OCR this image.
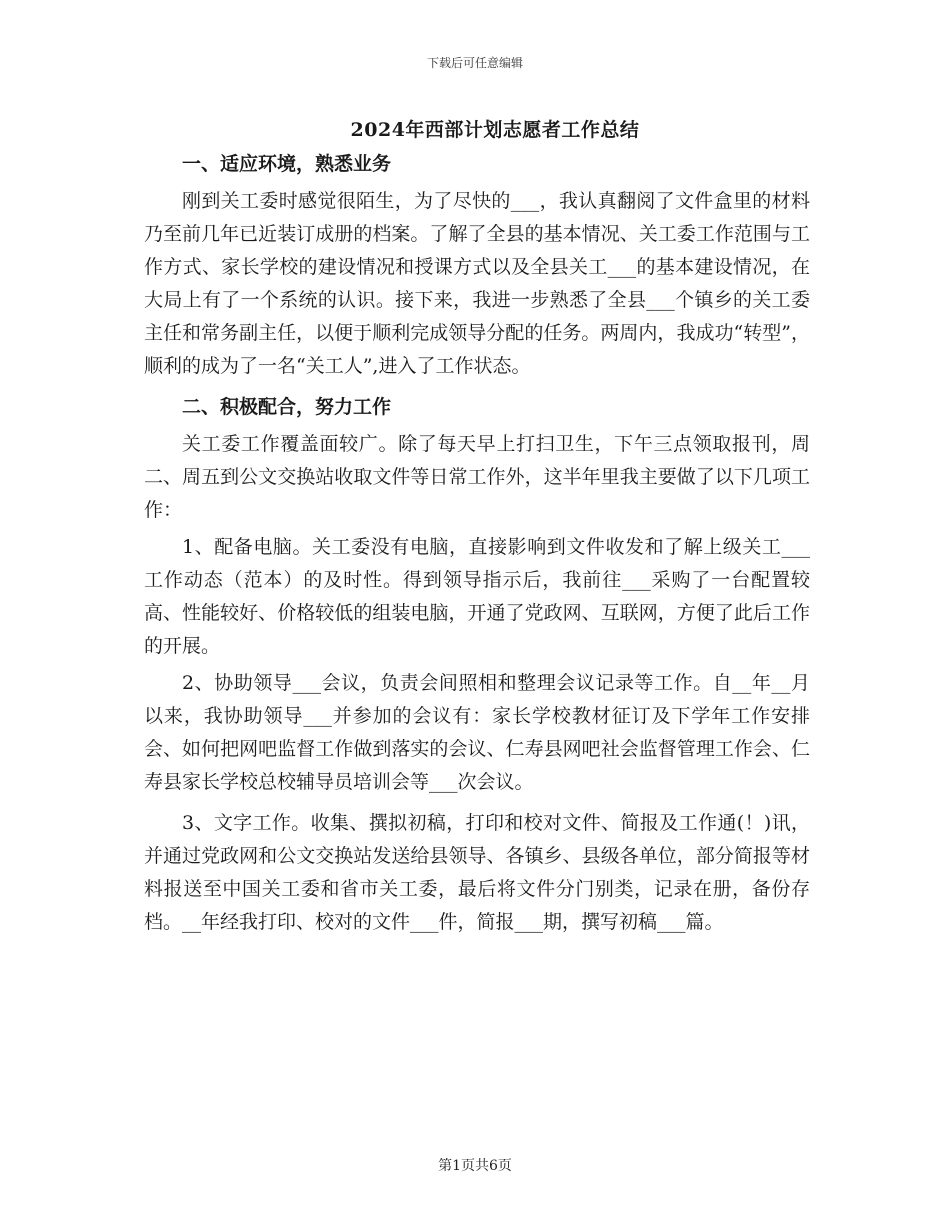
下载后可任意编辑
2024年西部计划志愿者工作总结

一、适应环境，熟悉业务

刚到关工委时感觉很陌生，为了尽快的___，我认真翻阅了文件盒里的材料乃至前几年已近装订成册的档案。了解了全县的基本情况、关工委工作范围与工作方式、家长学校的建设情况和授课方式以及全县关工___的基本建设情况，在大局上有了一个系统的认识。接下来，我进一步熟悉了全县___个镇乡的关工委主任和常务副主任，以便于顺利完成领导分配的任务。两周内，我成功“转型”，顺利的成为了一名“关工人”,进入了工作状态。

二、积极配合，努力工作

关工委工作覆盖面较广。除了每天早上打扫卫生，下午三点领取报刊，周二、周五到公文交换站收取文件等日常工作外，这半年里我主要做了以下几项工作：

1、配备电脑。关工委没有电脑，直接影响到文件收发和了解上级关工___工作动态（范本）的及时性。得到领导指示后，我前往___采购了一台配置较高、性能较好、价格较低的组装电脑，开通了党政网、互联网，方便了此后工作的开展。

2、协助领导___会议，负责会间照相和整理会议记录等工作。自__年__月以来，我协助领导___并参加的会议有：家长学校教材征订及下学年工作安排会、如何把网吧监督工作做到落实的会议、仁寿县网吧社会监督管理工作会、仁寿县家长学校总校辅导员培训会等___次会议。

3、文字工作。收集、撰拟初稿，打印和校对文件、简报及工作通(！)讯，并通过党政网和公文交换站发送给县领导、各镇乡、县级各单位，部分简报等材料报送至中国关工委和省市关工委，最后将文件分门别类，记录在册，备份存档。__年经我打印、校对的文件___件，简报___期，撰写初稿___篇。

第1页共6页
